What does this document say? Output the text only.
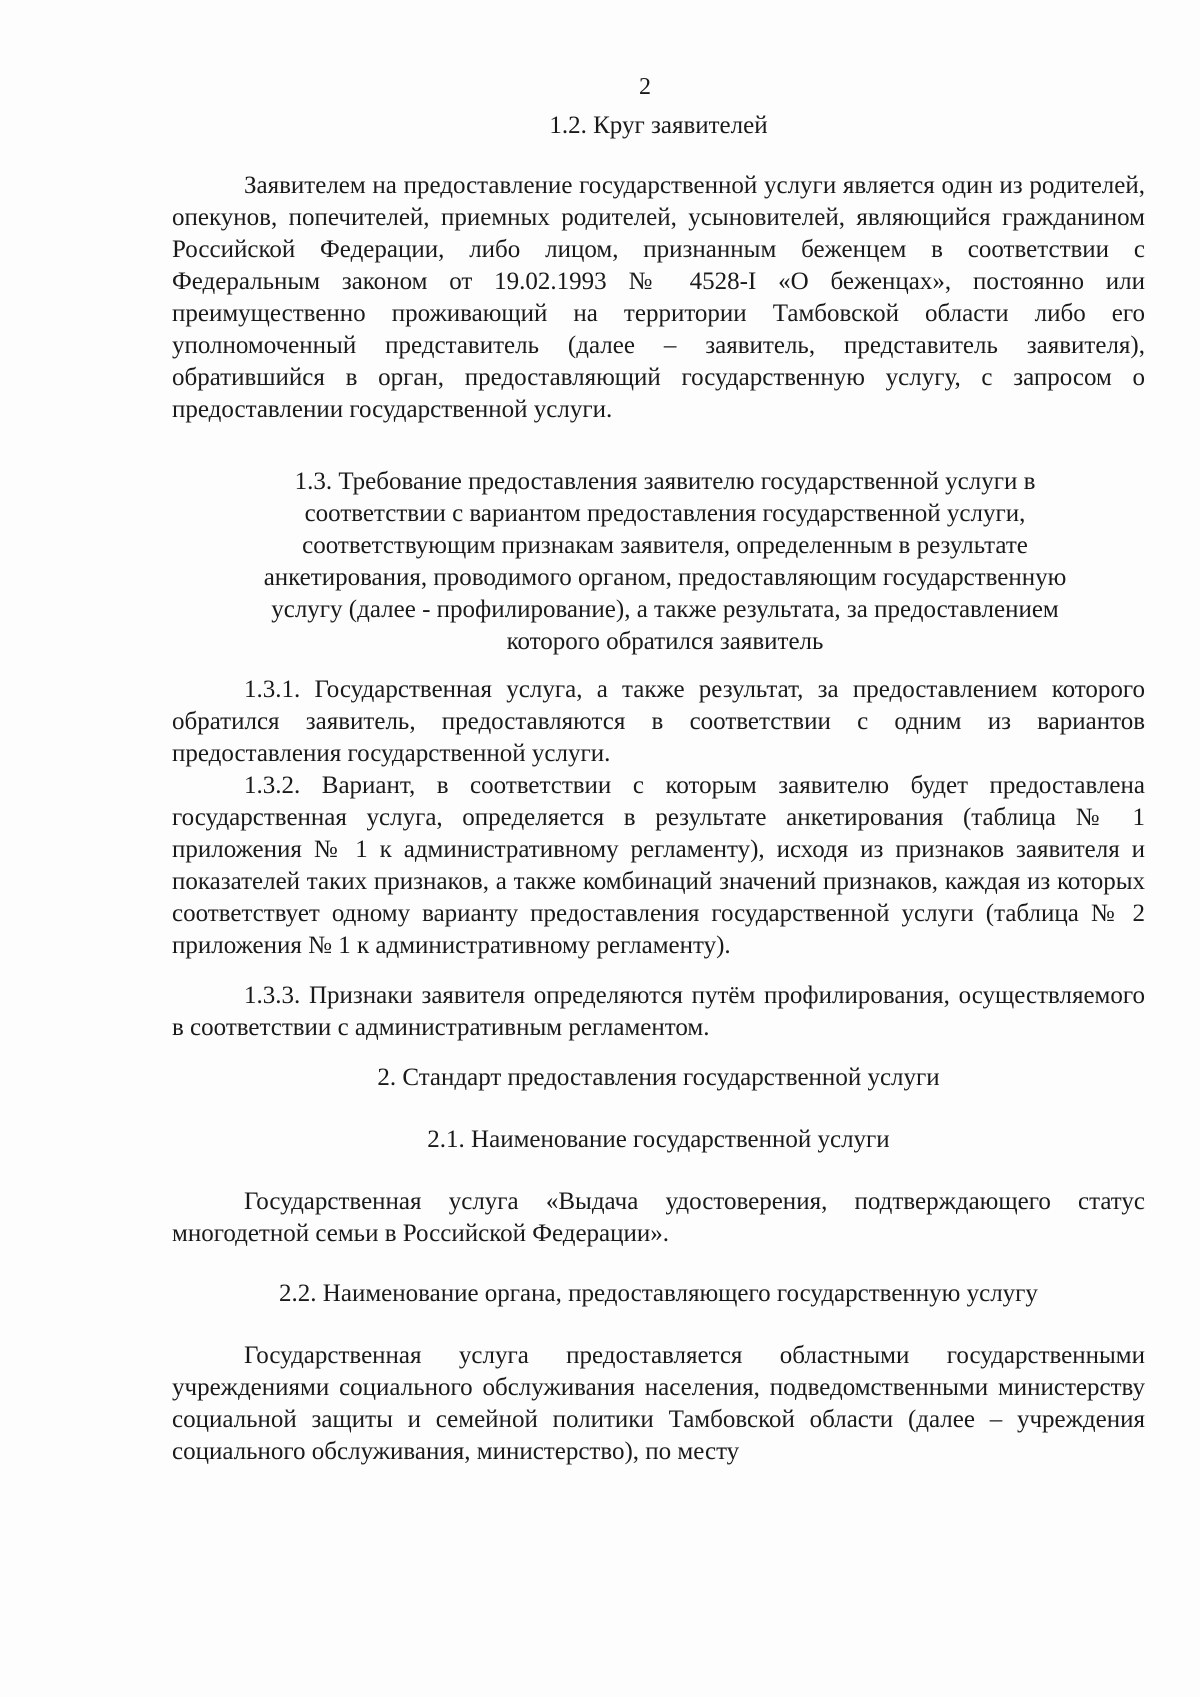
2
1.2. Круг заявителей

Заявителем на предоставление государственной услуги является один из родителей, опекунов, попечителей, приемных родителей, усыновителей, являющийся гражданином Российской Федерации, либо лицом, признанным беженцем в соответствии с Федеральным законом от 19.02.1993 № 4528-I «О беженцах», постоянно или преимущественно проживающий на территории Тамбовской области либо его уполномоченный представитель (далее – заявитель, представитель заявителя), обратившийся в орган, предоставляющий государственную услугу, с запросом о предоставлении государственной услуги.

1.3. Требование предоставления заявителю государственной услуги в соответствии с вариантом предоставления государственной услуги, соответствующим признакам заявителя, определенным в результате анкетирования, проводимого органом, предоставляющим государственную услугу (далее - профилирование), а также результата, за предоставлением которого обратился заявитель

1.3.1. Государственная услуга, а также результат, за предоставлением которого обратился заявитель, предоставляются в соответствии с одним из вариантов предоставления государственной услуги.

1.3.2. Вариант, в соответствии с которым заявителю будет предоставлена государственная услуга, определяется в результате анкетирования (таблица № 1 приложения № 1 к административному регламенту), исходя из признаков заявителя и показателей таких признаков, а также комбинаций значений признаков, каждая из которых соответствует одному варианту предоставления государственной услуги (таблица № 2 приложения № 1 к административному регламенту).

1.3.3. Признаки заявителя определяются путём профилирования, осуществляемого в соответствии с административным регламентом.

2. Стандарт предоставления государственной услуги
2.1. Наименование государственной услуги

Государственная услуга «Выдача удостоверения, подтверждающего статус многодетной семьи в Российской Федерации».

2.2. Наименование органа, предоставляющего государственную услугу

Государственная услуга предоставляется областными государственными учреждениями социального обслуживания населения, подведомственными министерству социальной защиты и семейной политики Тамбовской области (далее – учреждения социального обслуживания, министерство), по месту
